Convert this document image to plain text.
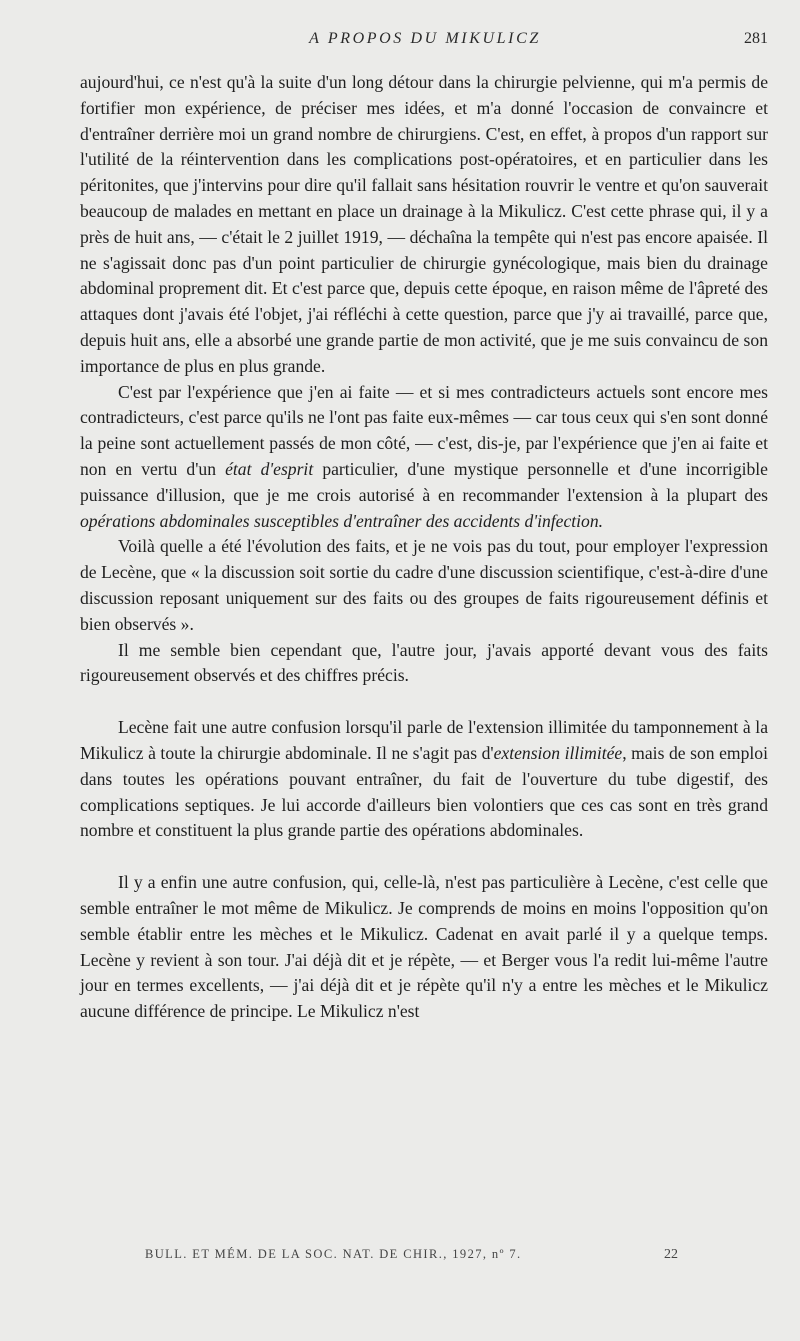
A PROPOS DU MIKULICZ	281

aujourd'hui, ce n'est qu'à la suite d'un long détour dans la chirurgie pelvienne, qui m'a permis de fortifier mon expérience, de préciser mes idées, et m'a donné l'occasion de convaincre et d'entraîner derrière moi un grand nombre de chirurgiens. C'est, en effet, à propos d'un rapport sur l'utilité de la réintervention dans les complications post-opératoires, et en particulier dans les péritonites, que j'intervins pour dire qu'il fallait sans hésitation rouvrir le ventre et qu'on sauverait beaucoup de malades en mettant en place un drainage à la Mikulicz. C'est cette phrase qui, il y a près de huit ans, — c'était le 2 juillet 1919, — déchaîna la tempête qui n'est pas encore apaisée. Il ne s'agissait donc pas d'un point particulier de chirurgie gynécologique, mais bien du drainage abdominal proprement dit. Et c'est parce que, depuis cette époque, en raison même de l'âpreté des attaques dont j'avais été l'objet, j'ai réfléchi à cette question, parce que j'y ai travaillé, parce que, depuis huit ans, elle a absorbé une grande partie de mon activité, que je me suis convaincu de son importance de plus en plus grande.

C'est par l'expérience que j'en ai faite — et si mes contradicteurs actuels sont encore mes contradicteurs, c'est parce qu'ils ne l'ont pas faite eux-mêmes — car tous ceux qui s'en sont donné la peine sont actuellement passés de mon côté, — c'est, dis-je, par l'expérience que j'en ai faite et non en vertu d'un état d'esprit particulier, d'une mystique personnelle et d'une incorrigible puissance d'illusion, que je me crois autorisé à en recommander l'extension à la plupart des opérations abdominales susceptibles d'entraîner des accidents d'infection.

Voilà quelle a été l'évolution des faits, et je ne vois pas du tout, pour employer l'expression de Lecène, que « la discussion soit sortie du cadre d'une discussion scientifique, c'est-à-dire d'une discussion reposant uniquement sur des faits ou des groupes de faits rigoureusement définis et bien observés ».

Il me semble bien cependant que, l'autre jour, j'avais apporté devant vous des faits rigoureusement observés et des chiffres précis.

Lecène fait une autre confusion lorsqu'il parle de l'extension illimitée du tamponnement à la Mikulicz à toute la chirurgie abdominale. Il ne s'agit pas d'extension illimitée, mais de son emploi dans toutes les opérations pouvant entraîner, du fait de l'ouverture du tube digestif, des complications septiques. Je lui accorde d'ailleurs bien volontiers que ces cas sont en très grand nombre et constituent la plus grande partie des opérations abdominales.

Il y a enfin une autre confusion, qui, celle-là, n'est pas particulière à Lecène, c'est celle que semble entraîner le mot même de Mikulicz. Je comprends de moins en moins l'opposition qu'on semble établir entre les mèches et le Mikulicz. Cadenat en avait parlé il y a quelque temps. Lecène y revient à son tour. J'ai déjà dit et je répète, — et Berger vous l'a redit lui-même l'autre jour en termes excellents, — j'ai déjà dit et je répète qu'il n'y a entre les mèches et le Mikulicz aucune différence de principe. Le Mikulicz n'est

BULL. ET MÉM. DE LA SOC. NAT. DE CHIR., 1927, nº 7.	22
